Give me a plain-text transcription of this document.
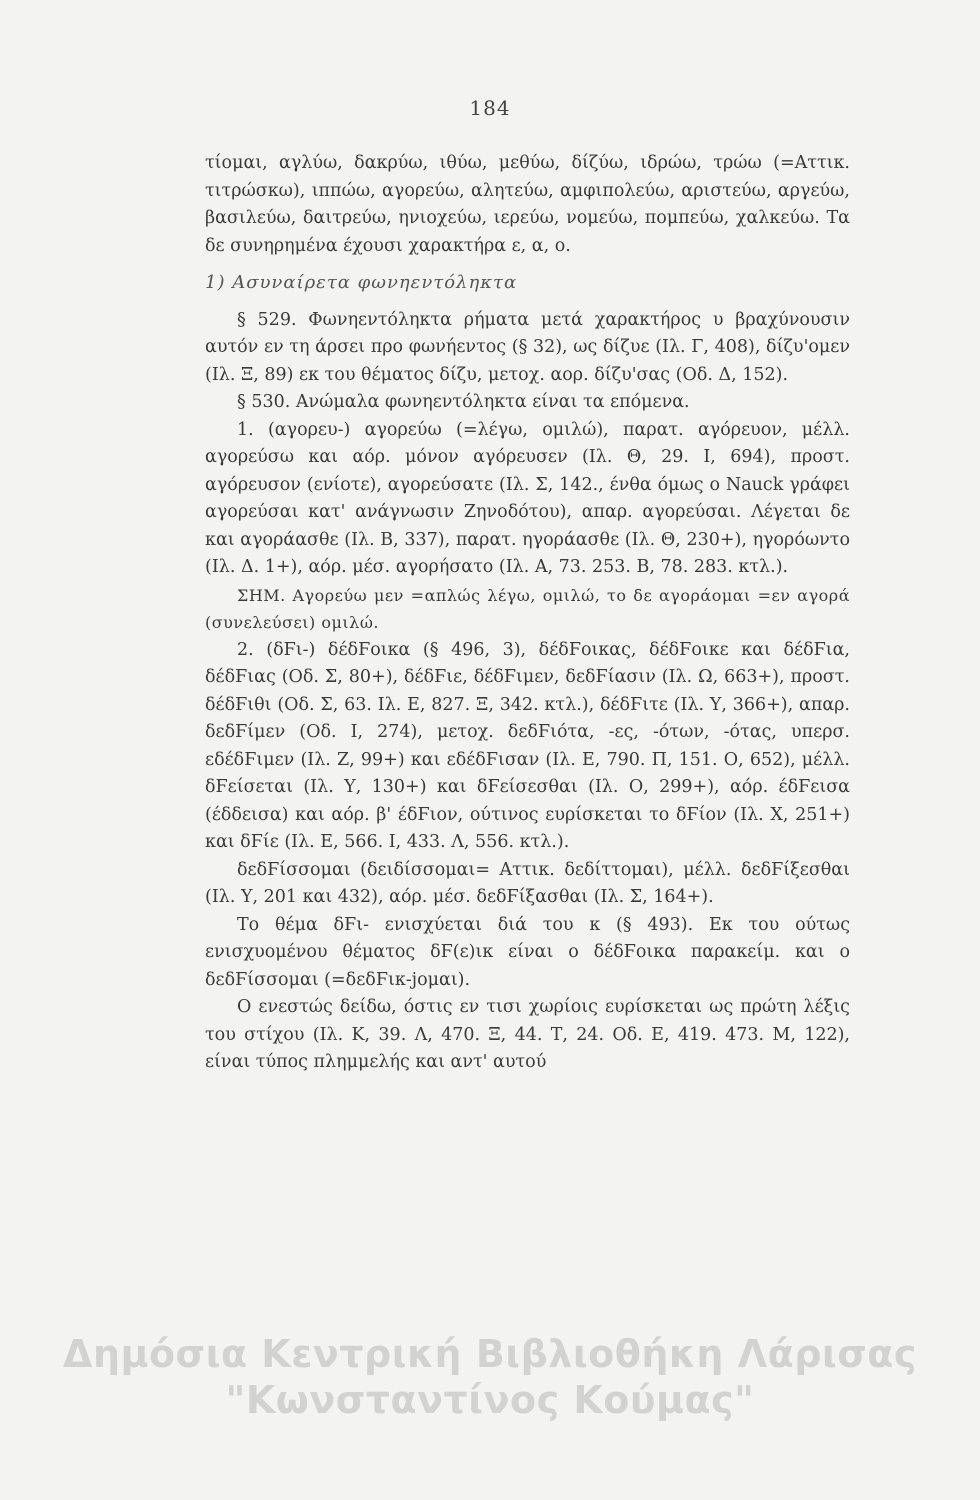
184

τίομαι, αγλύω, δακρύω, ιθύω, μεθύω, δίζύω, ιδρώω, τρώω (=Αττικ. τιτρώσκω), ιππώω, αγορεύω, αλητεύω, αμφιπολεύω, αριστεύω, αργεύω, βασιλεύω, δαιτρεύω, ηνιοχεύω, ιερεύω, νομεύω, πομπεύω, χαλκεύω. Τα δε συνηρημένα έχουσι χαρακτήρα ε, α, ο.

1) Ασυναίρετα φωνηεντόληκτα

§ 529. Φωνηεντόληκτα ρήματα μετά χαρακτήρος υ βραχύνουσιν αυτόν εν τη άρσει προ φωνήεντος (§ 32), ως δίζυε (Ιλ. Γ, 408), δίζυ'ομεν (Ιλ. Ξ, 89) εκ του θέματος δίζυ, μετοχ. αορ. δίζυ'σας (Οδ. Δ, 152).

§ 530. Ανώμαλα φωνηεντόληκτα είναι τα επόμενα.

1. (αγορευ-) αγορεύω (=λέγω, ομιλώ), παρατ. αγόρευον, μέλλ. αγορεύσω και αόρ. μόνον αγόρευσεν (Ιλ. Θ, 29. Ι, 694), προστ. αγόρευσον (ενίοτε), αγορεύσατε (Ιλ. Σ, 142., ένθα όμως ο Nauck γράφει αγορεύσαι κατ' ανάγνωσιν Ζηνοδότου), απαρ. αγορεύσαι. Λέγεται δε και αγοράασθε (Ιλ. Β, 337), παρατ. ηγοράασθε (Ιλ. Θ, 230+), ηγορόωντο (Ιλ. Δ. 1+), αόρ. μέσ. αγορήσατο (Ιλ. Α, 73. 253. Β, 78. 283. κτλ.).

ΣΗΜ. Αγορεύω μεν =απλώς λέγω, ομιλώ, το δε αγοράομαι =εν αγορά (συνελεύσει) ομιλώ.

2. (δϜι-) δέδϜοικα (§ 496, 3), δέδϜοικας, δέδϜοικε και δέδϜια, δέδϜιας (Οδ. Σ, 80+), δέδϜιε, δέδϜιμεν, δεδϜίασιν (Ιλ. Ω, 663+), προστ. δέδϜιθι (Οδ. Σ, 63. Ιλ. Ε, 827. Ξ, 342. κτλ.), δέδϜιτε (Ιλ. Υ, 366+), απαρ. δεδϜίμεν (Οδ. Ι, 274), μετοχ. δεδϜιότα, -ες, -ότων, -ότας, υπερσ. εδέδϜιμεν (Ιλ. Ζ, 99+) και εδέδϜισαν (Ιλ. Ε, 790. Π, 151. Ο, 652), μέλλ. δϜείσεται (Ιλ. Υ, 130+) και δϜείσεσθαι (Ιλ. Ο, 299+), αόρ. έδϜεισα (έδδεισα) και αόρ. β' έδϜιον, ούτινος ευρίσκεται το δϜίον (Ιλ. Χ, 251+) και δϜίε (Ιλ. Ε, 566. Ι, 433. Λ, 556. κτλ.).

δεδϜίσσομαι (δειδίσσομαι= Αττικ. δεδίττομαι), μέλλ. δεδϜίξεσθαι (Ιλ. Υ, 201 και 432), αόρ. μέσ. δεδϜίξασθαι (Ιλ. Σ, 164+).

Το θέμα δϜι- ενισχύεται διά του κ (§ 493). Εκ του ούτως ενισχυομένου θέματος δϜ(ε)ικ είναι ο δέδϜοικα παρακείμ. και ο δεδϜίσσομαι (=δεδϜικ-jομαι).

Ο ενεστώς δείδω, όστις εν τισι χωρίοις ευρίσκεται ως πρώτη λέξις του στίχου (Ιλ. Κ, 39. Λ, 470. Ξ, 44. Τ, 24. Οδ. Ε, 419. 473. Μ, 122), είναι τύπος πλημμελής και αντ' αυτού

Δημόσια Κεντρική Βιβλιοθήκη Λάρισας
"Κωνσταντίνος Κούμας"
